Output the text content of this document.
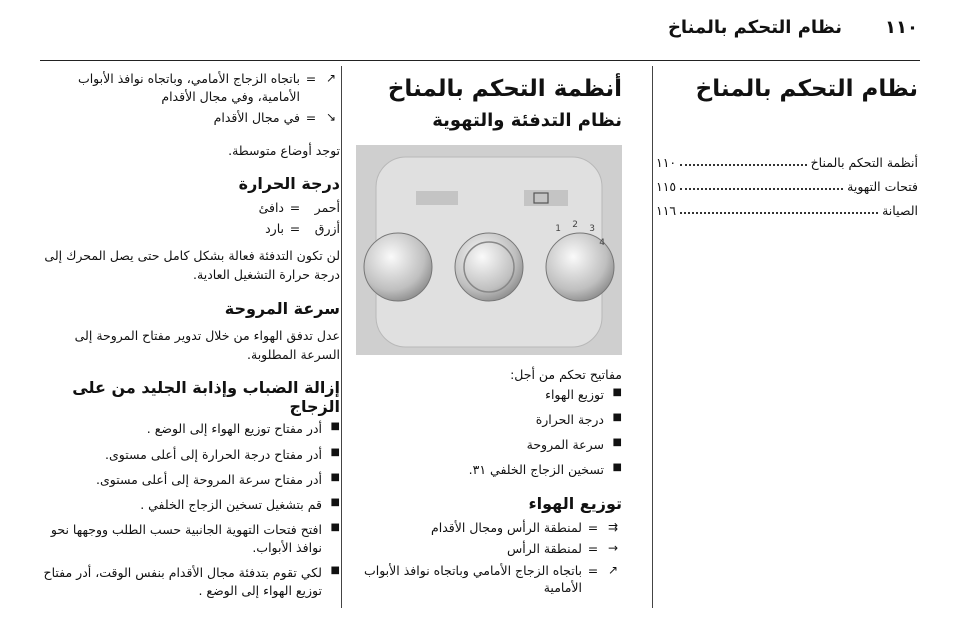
نظام التحكم بالمناخ ١١٠
نظام التحكم بالمناخ
أنظمة التحكم بالمناخ
١١٠
فتحات التهوية
١١٥
الصيانة
١١٦
أنظمة التحكم بالمناخ
نظام التدفئة والتهوية
1 2 3
4
مفاتيح تحكم من أجل:
■ توزيع الهواء
■ درجة الحرارة
■ سرعة المروحة
■ تسخين الزجاج الخلفي ٣١.
توزيع الهواء
⇉
=
لمنطقة الرأس ومجال الأقدام
→
=
لمنطقة الرأس
↗
=
باتجاه الزجاج الأمامي وباتجاه نوافذ الأبواب الأمامية
↗
=
باتجاه الزجاج الأمامي، وباتجاه نوافذ الأبواب الأمامية، وفي مجال الأقدام
↘
=
في مجال الأقدام

توجد أوضاع متوسطة.

درجة الحرارة
أحمر
=
دافئ
أزرق
=
بارد

لن تكون التدفئة فعالة بشكل كامل حتى يصل المحرك إلى درجة حرارة التشغيل العادية.

سرعة المروحة

عدل تدفق الهواء من خلال تدوير مفتاح المروحة إلى السرعة المطلوبة.

إزالة الضباب وإذابة الجليد من على الزجاج
■ أدر مفتاح توزيع الهواء إلى الوضع .
■ أدر مفتاح درجة الحرارة إلى أعلى مستوى.
■ أدر مفتاح سرعة المروحة إلى أعلى مستوى.
■ قم بتشغيل تسخين الزجاج الخلفي .
■ افتح فتحات التهوية الجانبية حسب الطلب ووجهها نحو نوافذ الأبواب.
■ لكي تقوم بتدفئة مجال الأقدام بنفس الوقت، أدر مفتاح توزيع الهواء إلى الوضع .
